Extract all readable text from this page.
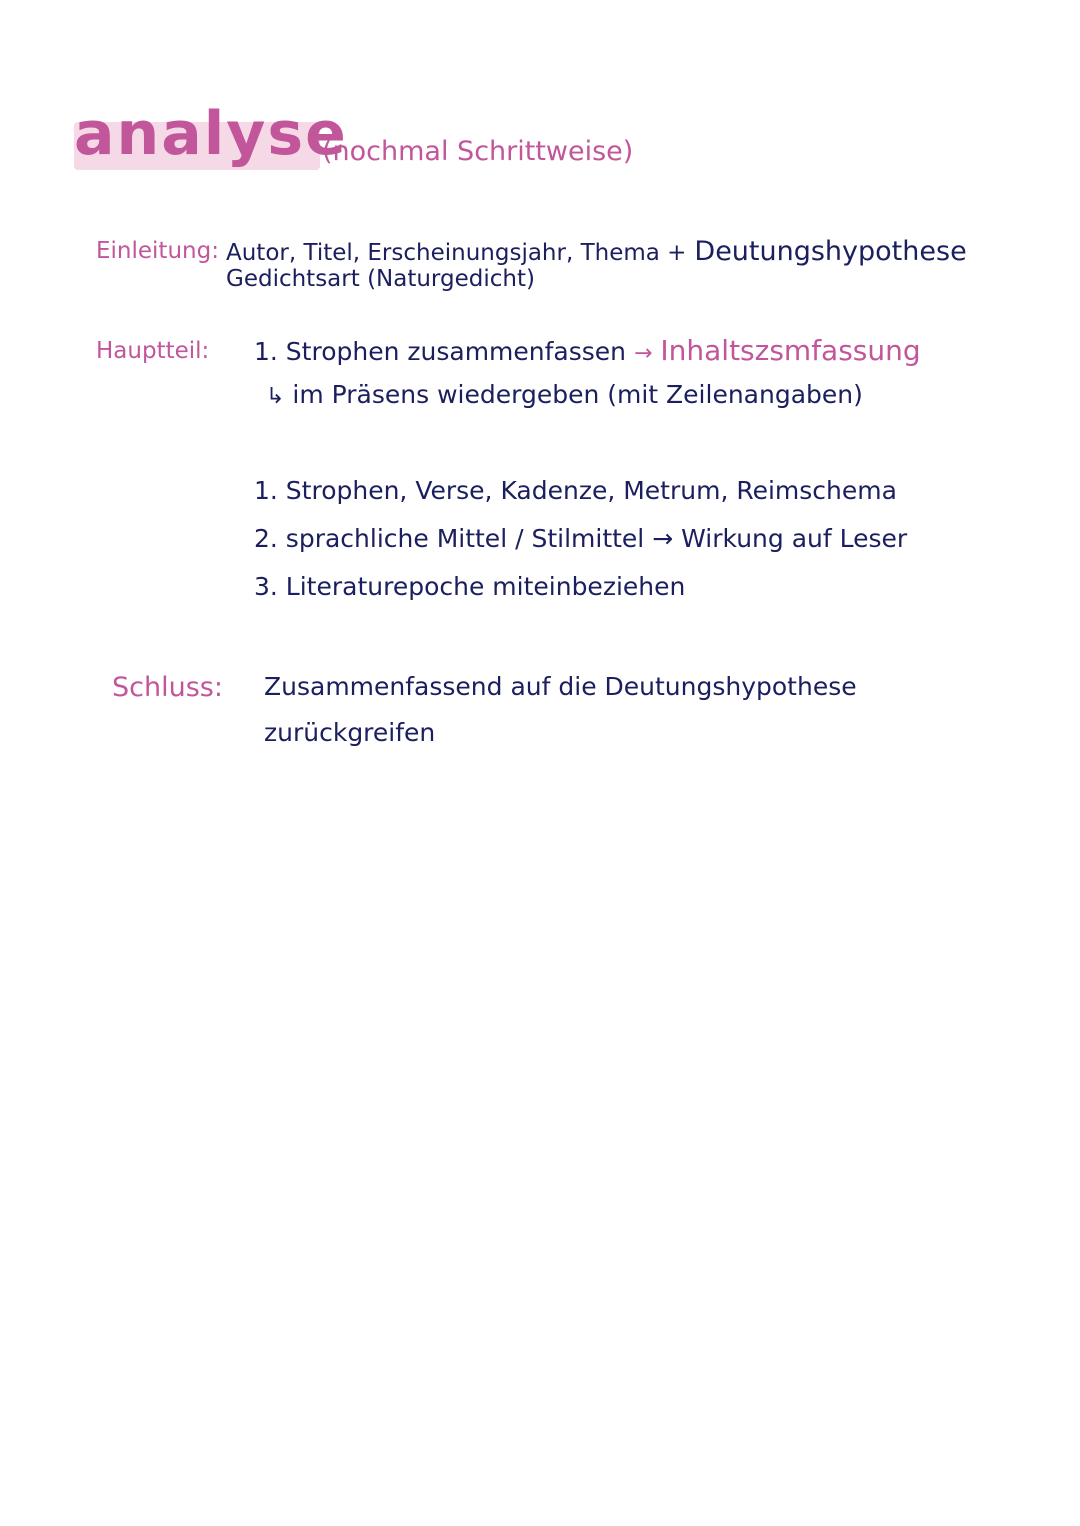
analyse
(nochmal Schrittweise)
Einleitung: Autor, Titel, Erscheinungsjahr, Thema + Deutungshypothese
Gedichtsart (Naturgedicht)
Hauptteil: 1. Strophen zusammenfassen → Inhaltszsmfassung
↳ im Präsens wiedergeben (mit Zeilenangaben)
1. Strophen, Verse, Kadenze, Metrum, Reimschema
2. sprachliche Mittel / Stilmittel → Wirkung auf Leser
3. Literaturepoche miteinbeziehen
Schluss: Zusammenfassend auf die Deutungshypothese
zurückgreifen
